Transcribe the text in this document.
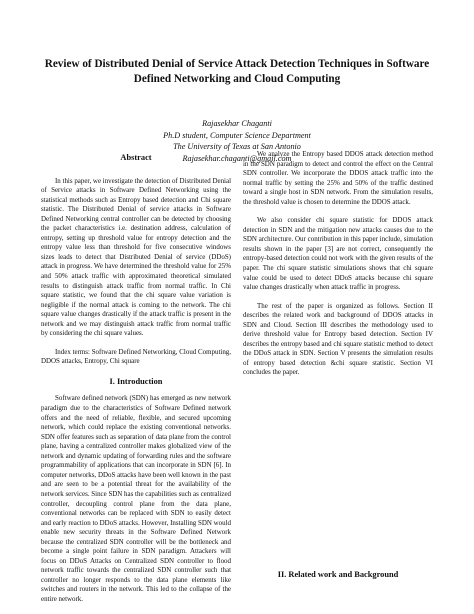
Review of Distributed Denial of Service Attack Detection Techniques in Software Defined Networking and Cloud Computing
Rajasekhar Chaganti
Ph.D student, Computer Science Department
The University of Texas at San Antonio
Rajasekhar.chaganti@gmail.com
Abstract

In this paper, we investigate the detection of Distributed Denial of Service attacks in Software Defined Networking using the statistical methods such as Entropy based detection and Chi square statistic. The Distributed Denial of service attacks in Software Defined Networking central controller can be detected by choosing the packet characteristics i.e. destination address, calculation of entropy, setting up threshold value for entropy detection and the entropy value less than threshold for five consecutive windows sizes leads to detect that Distributed Denial of service (DDoS) attack in progress. We have determined the threshold value for 25% and 50% attack traffic with approximated theoretical simulated results to distinguish attack traffic from normal traffic. In Chi square statistic, we found that the chi square value variation is negligible if the normal attack is coming to the network. The chi square value changes drastically if the attack traffic is present in the network and we may distinguish attack traffic from normal traffic by considering the chi square values.

Index terms: Software Defined Networking, Cloud Computing, DDOS attacks, Entropy, Chi square

I. Introduction

Software defined network (SDN) has emerged as new network paradigm due to the characteristics of Software Defined network offers and the need of reliable, flexible, and secured upcoming network, which could replace the existing conventional networks. SDN offer features such as separation of data plane from the control plane, having a centralized controller makes globalized view of the network and dynamic updating of forwarding rules and the software programmability of applications that can incorporate in SDN [6]. In computer networks, DDoS attacks have been well known in the past and are seen to be a potential threat for the availability of the network services. Since SDN has the capabilities such as centralized controller, decoupling control plane from the data plane, conventional networks can be replaced with SDN to easily detect and early reaction to DDoS attacks. However, Installing SDN would enable new security threats in the Software Defined Network because the centralized SDN controller will be the bottleneck and become a single point failure in SDN paradigm. Attackers will focus on DDoS Attacks on Centralized SDN controller to flood network traffic towards the centralized SDN controller such that controller no longer responds to the data plane elements like switches and routers in the network. This led to the collapse of the entire network.

We analyze the Entropy based DDOS attack detection method in the SDN paradigm to detect and control the effect on the Central SDN controller. We incorporate the DDOS attack traffic into the normal traffic by setting the 25% and 50% of the traffic destined toward a single host in SDN network. From the simulation results, the threshold value is chosen to determine the DDOS attack.

We also consider chi square statistic for DDOS attack detection in SDN and the mitigation new attacks causes due to the SDN architecture. Our contribution in this paper include, simulation results shown in the paper [3] are not correct, consequently the entropy-based detection could not work with the given results of the paper. The chi square statistic simulations shows that chi square value could be used to detect DDoS attacks because chi square value changes drastically when attack traffic in progress.

The rest of the paper is organized as follows. Section II describes the related work and background of DDOS attacks in SDN and Cloud. Section III describes the methodology used to derive threshold value for Entropy based detection. Section IV describes the entropy based and chi square statistic method to detect the DDoS attack in SDN. Section V presents the simulation results of entropy based detection &chi square statistic. Section VI concludes the paper.

II. Related work and Background
